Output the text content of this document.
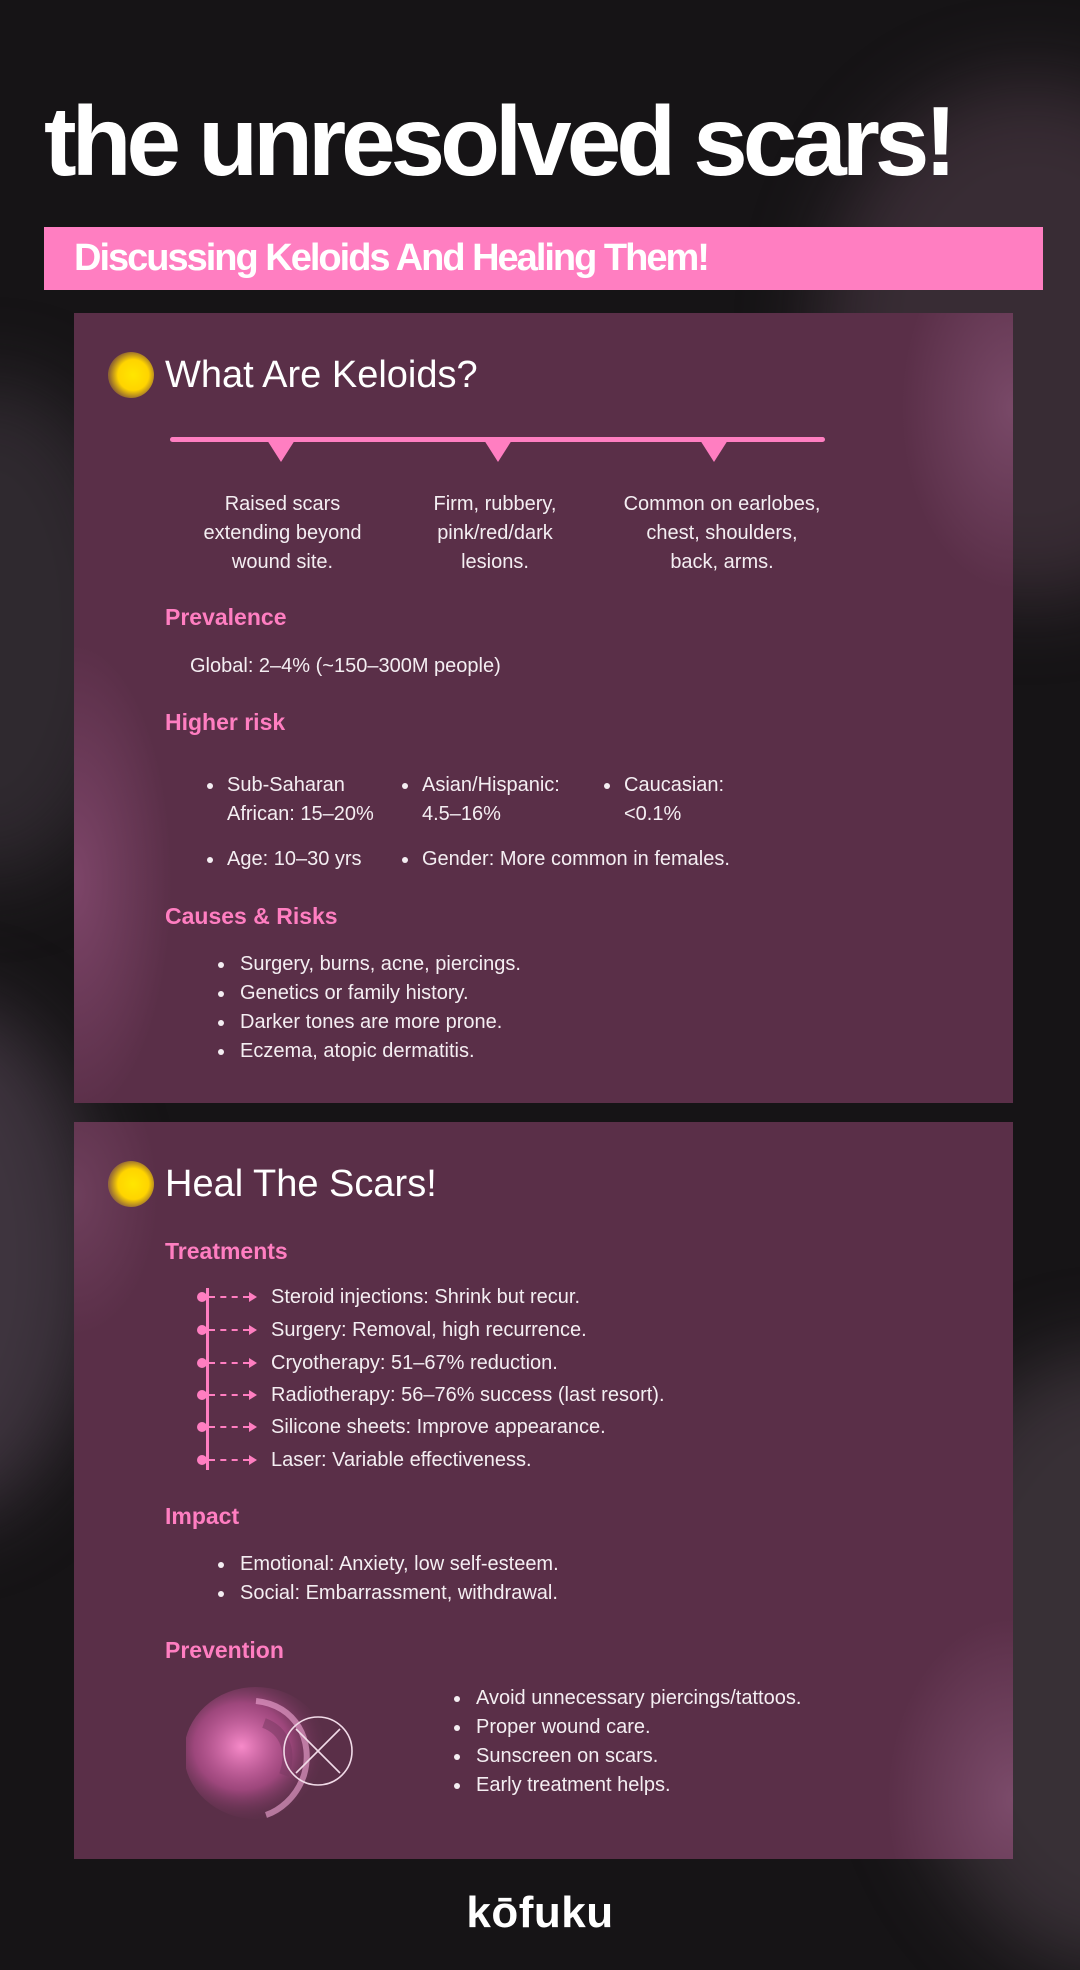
the unresolved scars!
Discussing Keloids And Healing Them!
What Are Keloids?
Raised scars
extending beyond
wound site.
Firm, rubbery,
pink/red/dark
lesions.
Common on earlobes,
chest, shoulders,
back, arms.
Prevalence
Global: 2–4% (~150–300M people)
Higher risk
Sub-Saharan
African: 15–20%
Asian/Hispanic:
4.5–16%
Caucasian:
<0.1%
Age: 10–30 yrs	Gender: More common in females.
Causes & Risks
Surgery, burns, acne, piercings.
Genetics or family history.
Darker tones are more prone.
Eczema, atopic dermatitis.
Heal The Scars!
Treatments
Steroid injections: Shrink but recur.
Surgery: Removal, high recurrence.
Cryotherapy: 51–67% reduction.
Radiotherapy: 56–76% success (last resort).
Silicone sheets: Improve appearance.
Laser: Variable effectiveness.
Impact
Emotional: Anxiety, low self-esteem.
Social: Embarrassment, withdrawal.
Prevention
Avoid unnecessary piercings/tattoos.
Proper wound care.
Sunscreen on scars.
Early treatment helps.
kōfuku
